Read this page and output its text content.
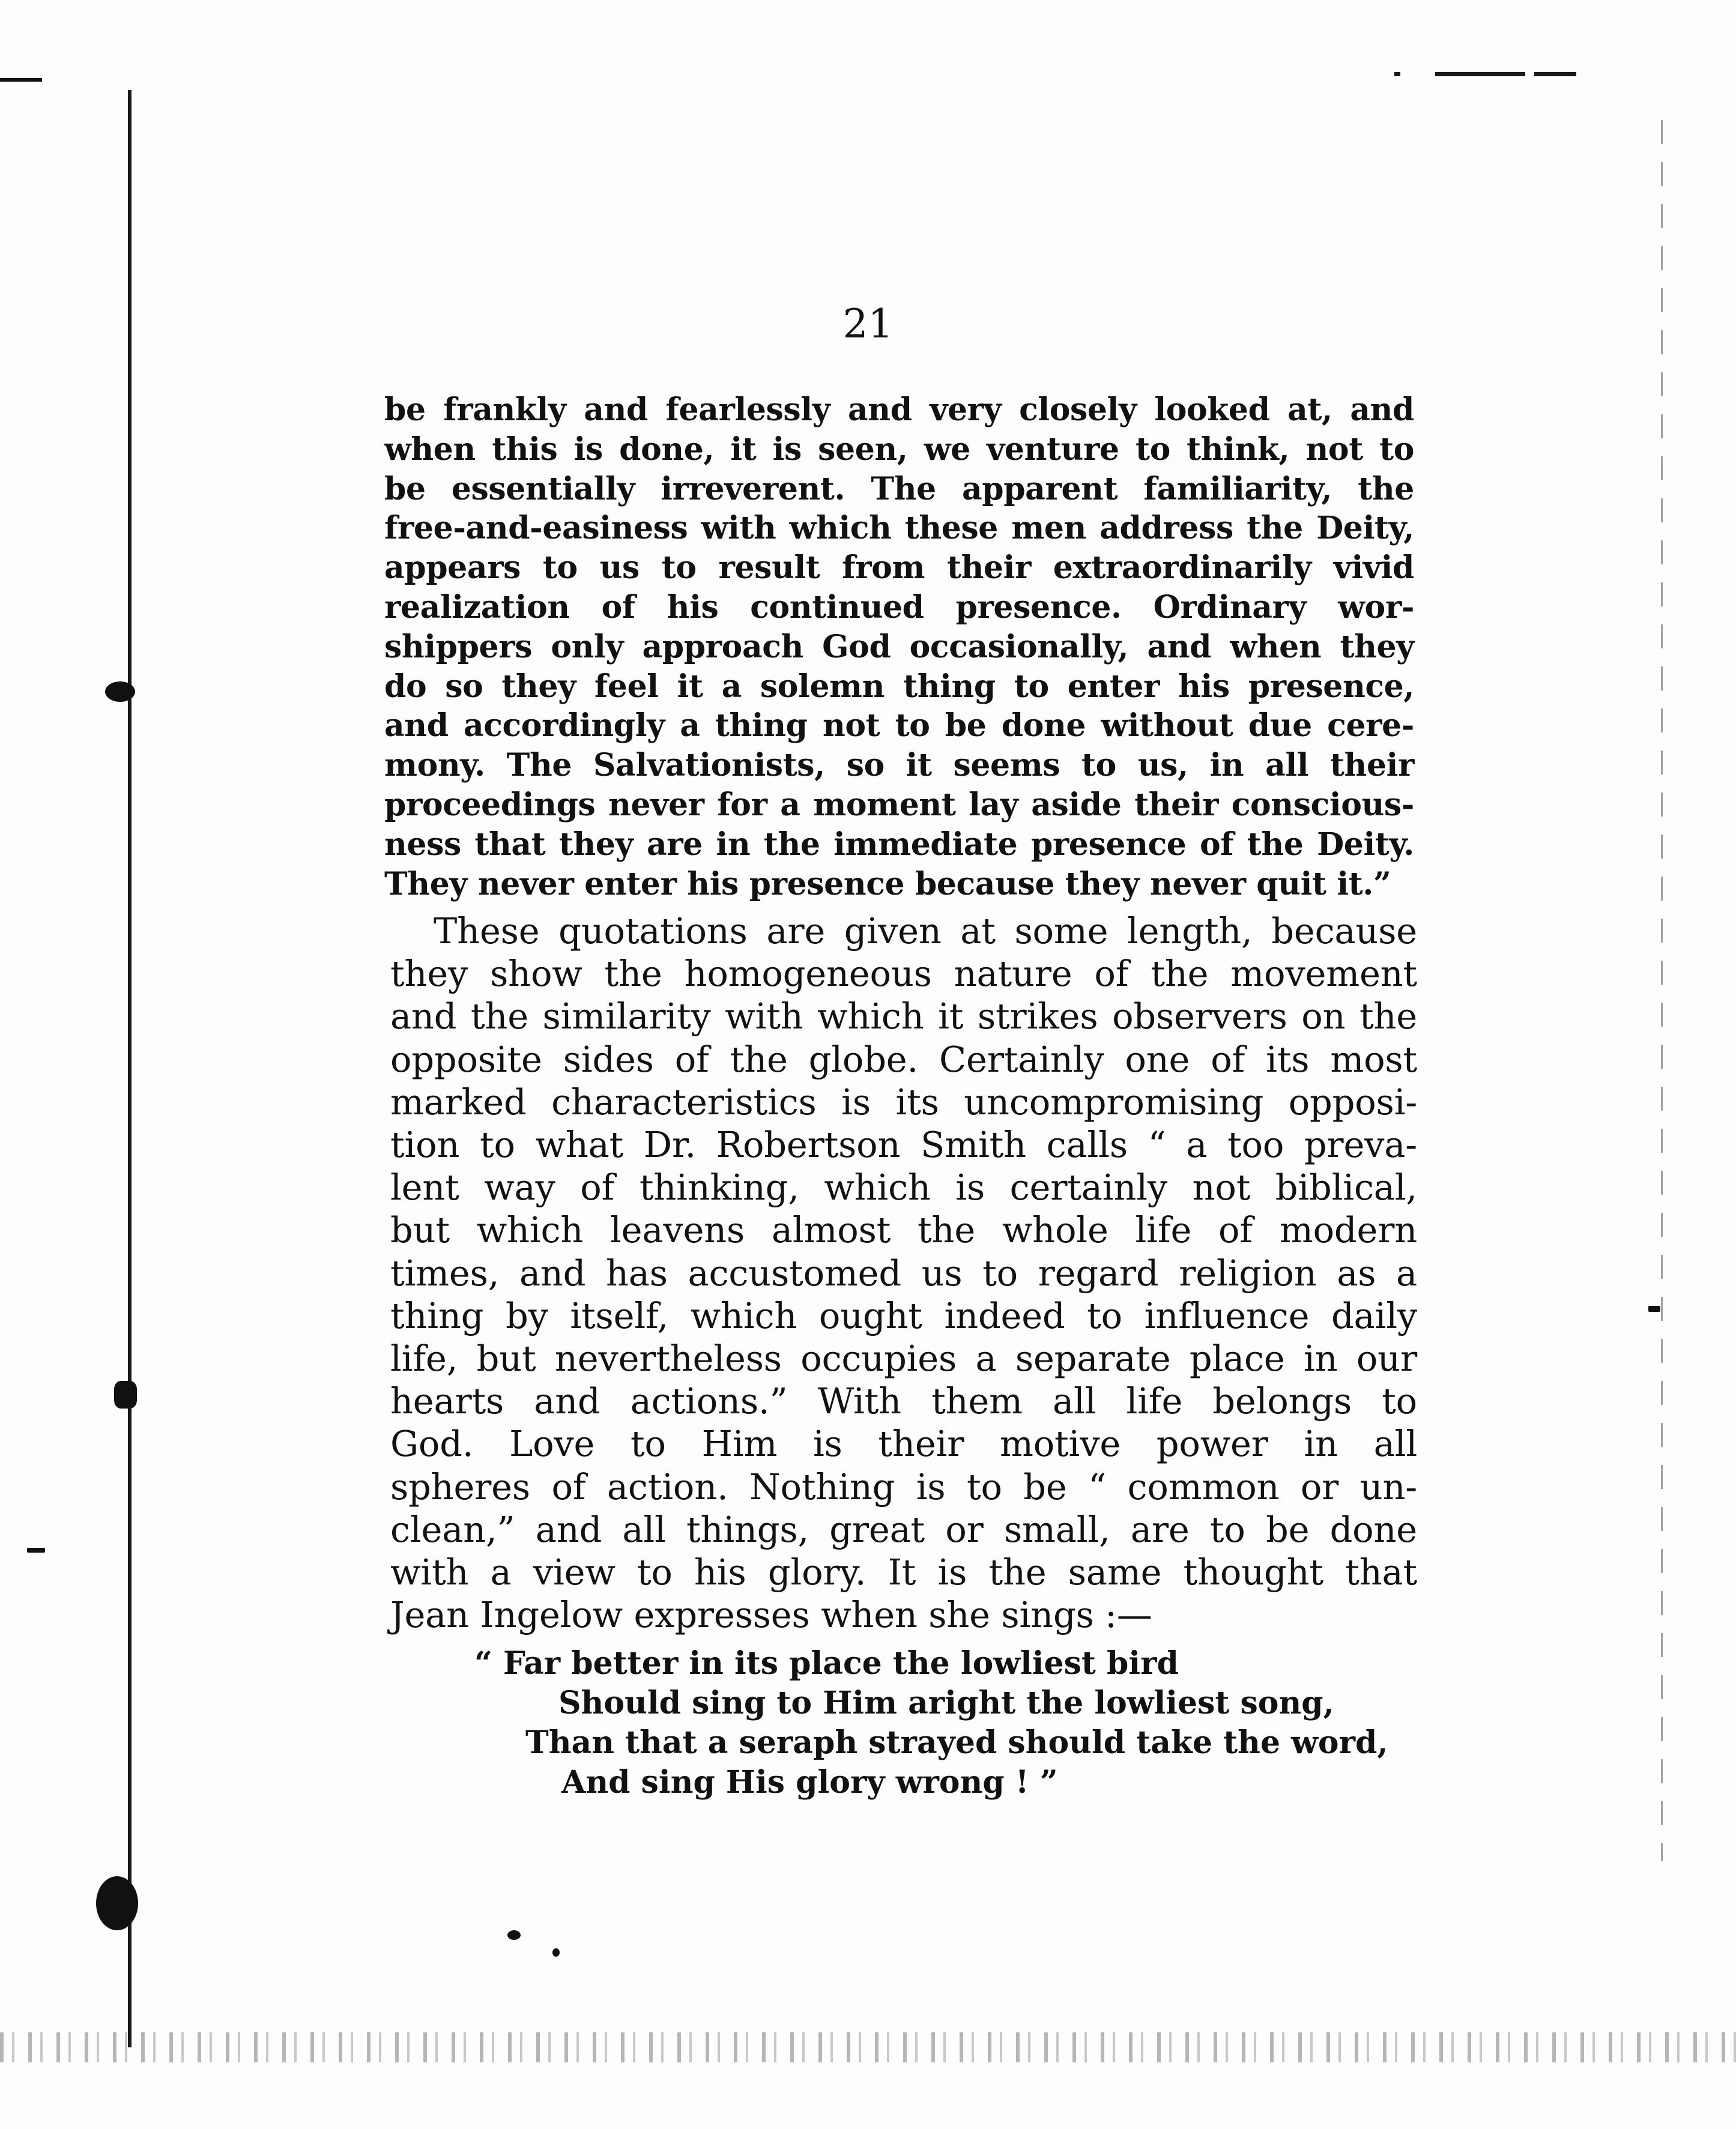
21
be frankly and fearlessly and very closely looked at, and
when this is done, it is seen, we venture to think, not to
be essentially irreverent. The apparent familiarity, the
free-and-easiness with which these men address the Deity,
appears to us to result from their extraordinarily vivid
realization of his continued presence. Ordinary wor-
shippers only approach God occasionally, and when they
do so they feel it a solemn thing to enter his presence,
and accordingly a thing not to be done without due cere-
mony. The Salvationists, so it seems to us, in all their
proceedings never for a moment lay aside their conscious-
ness that they are in the immediate presence of the Deity.
They never enter his presence because they never quit it.”
These quotations are given at some length, because
they show the homogeneous nature of the movement
and the similarity with which it strikes observers on the
opposite sides of the globe. Certainly one of its most
marked characteristics is its uncompromising opposi-
tion to what Dr. Robertson Smith calls “ a too preva-
lent way of thinking, which is certainly not biblical,
but which leavens almost the whole life of modern
times, and has accustomed us to regard religion as a
thing by itself, which ought indeed to influence daily
life, but nevertheless occupies a separate place in our
hearts and actions.” With them all life belongs to
God. Love to Him is their motive power in all
spheres of action. Nothing is to be “ common or un-
clean,” and all things, great or small, are to be done
with a view to his glory. It is the same thought that
Jean Ingelow expresses when she sings :—
“ Far better in its place the lowliest bird
Should sing to Him aright the lowliest song,
Than that a seraph strayed should take the word,
And sing His glory wrong ! ”
